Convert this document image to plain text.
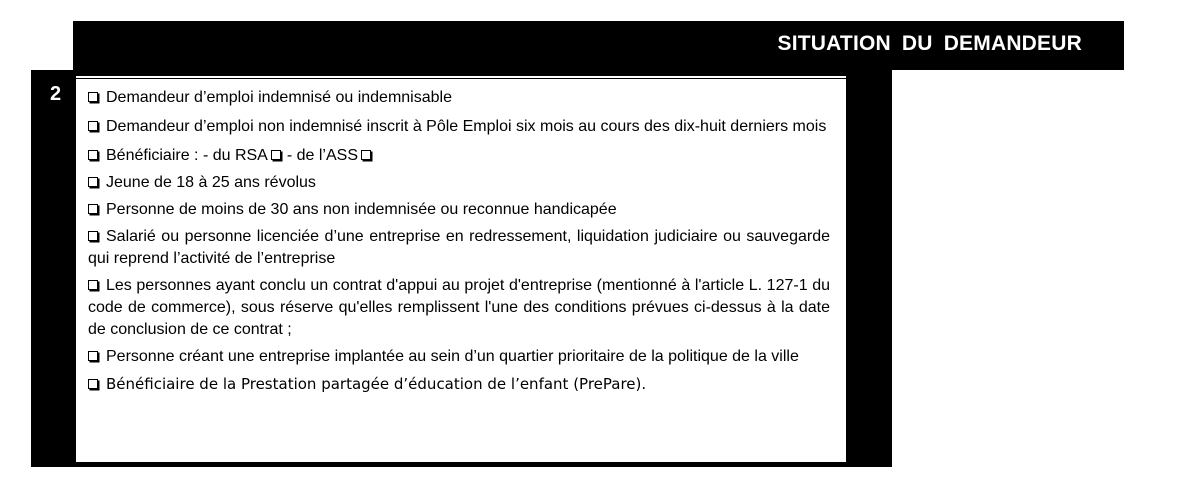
SITUATION DU DEMANDEUR
2	Demandeur d’emploi indemnisé ou indemnisable
Demandeur d’emploi non indemnisé inscrit à Pôle Emploi six mois au cours des dix-huit derniers mois
Bénéficiaire : - du RSA - de l’ASS
Jeune de 18 à 25 ans révolus
Personne de moins de 30 ans non indemnisée ou reconnue handicapée
Salarié ou personne licenciée d’une entreprise en redressement, liquidation judiciaire ou sauvegarde qui reprend l’activité de l’entreprise
Les personnes ayant conclu un contrat d'appui au projet d'entreprise (mentionné à l'article L. 127-1 du code de commerce), sous réserve qu'elles remplissent l'une des conditions prévues ci-dessus à la date de conclusion de ce contrat ;
Personne créant une entreprise implantée au sein d’un quartier prioritaire de la politique de la ville
Bénéficiaire de la Prestation partagée d’éducation de l’enfant (PrePare).
